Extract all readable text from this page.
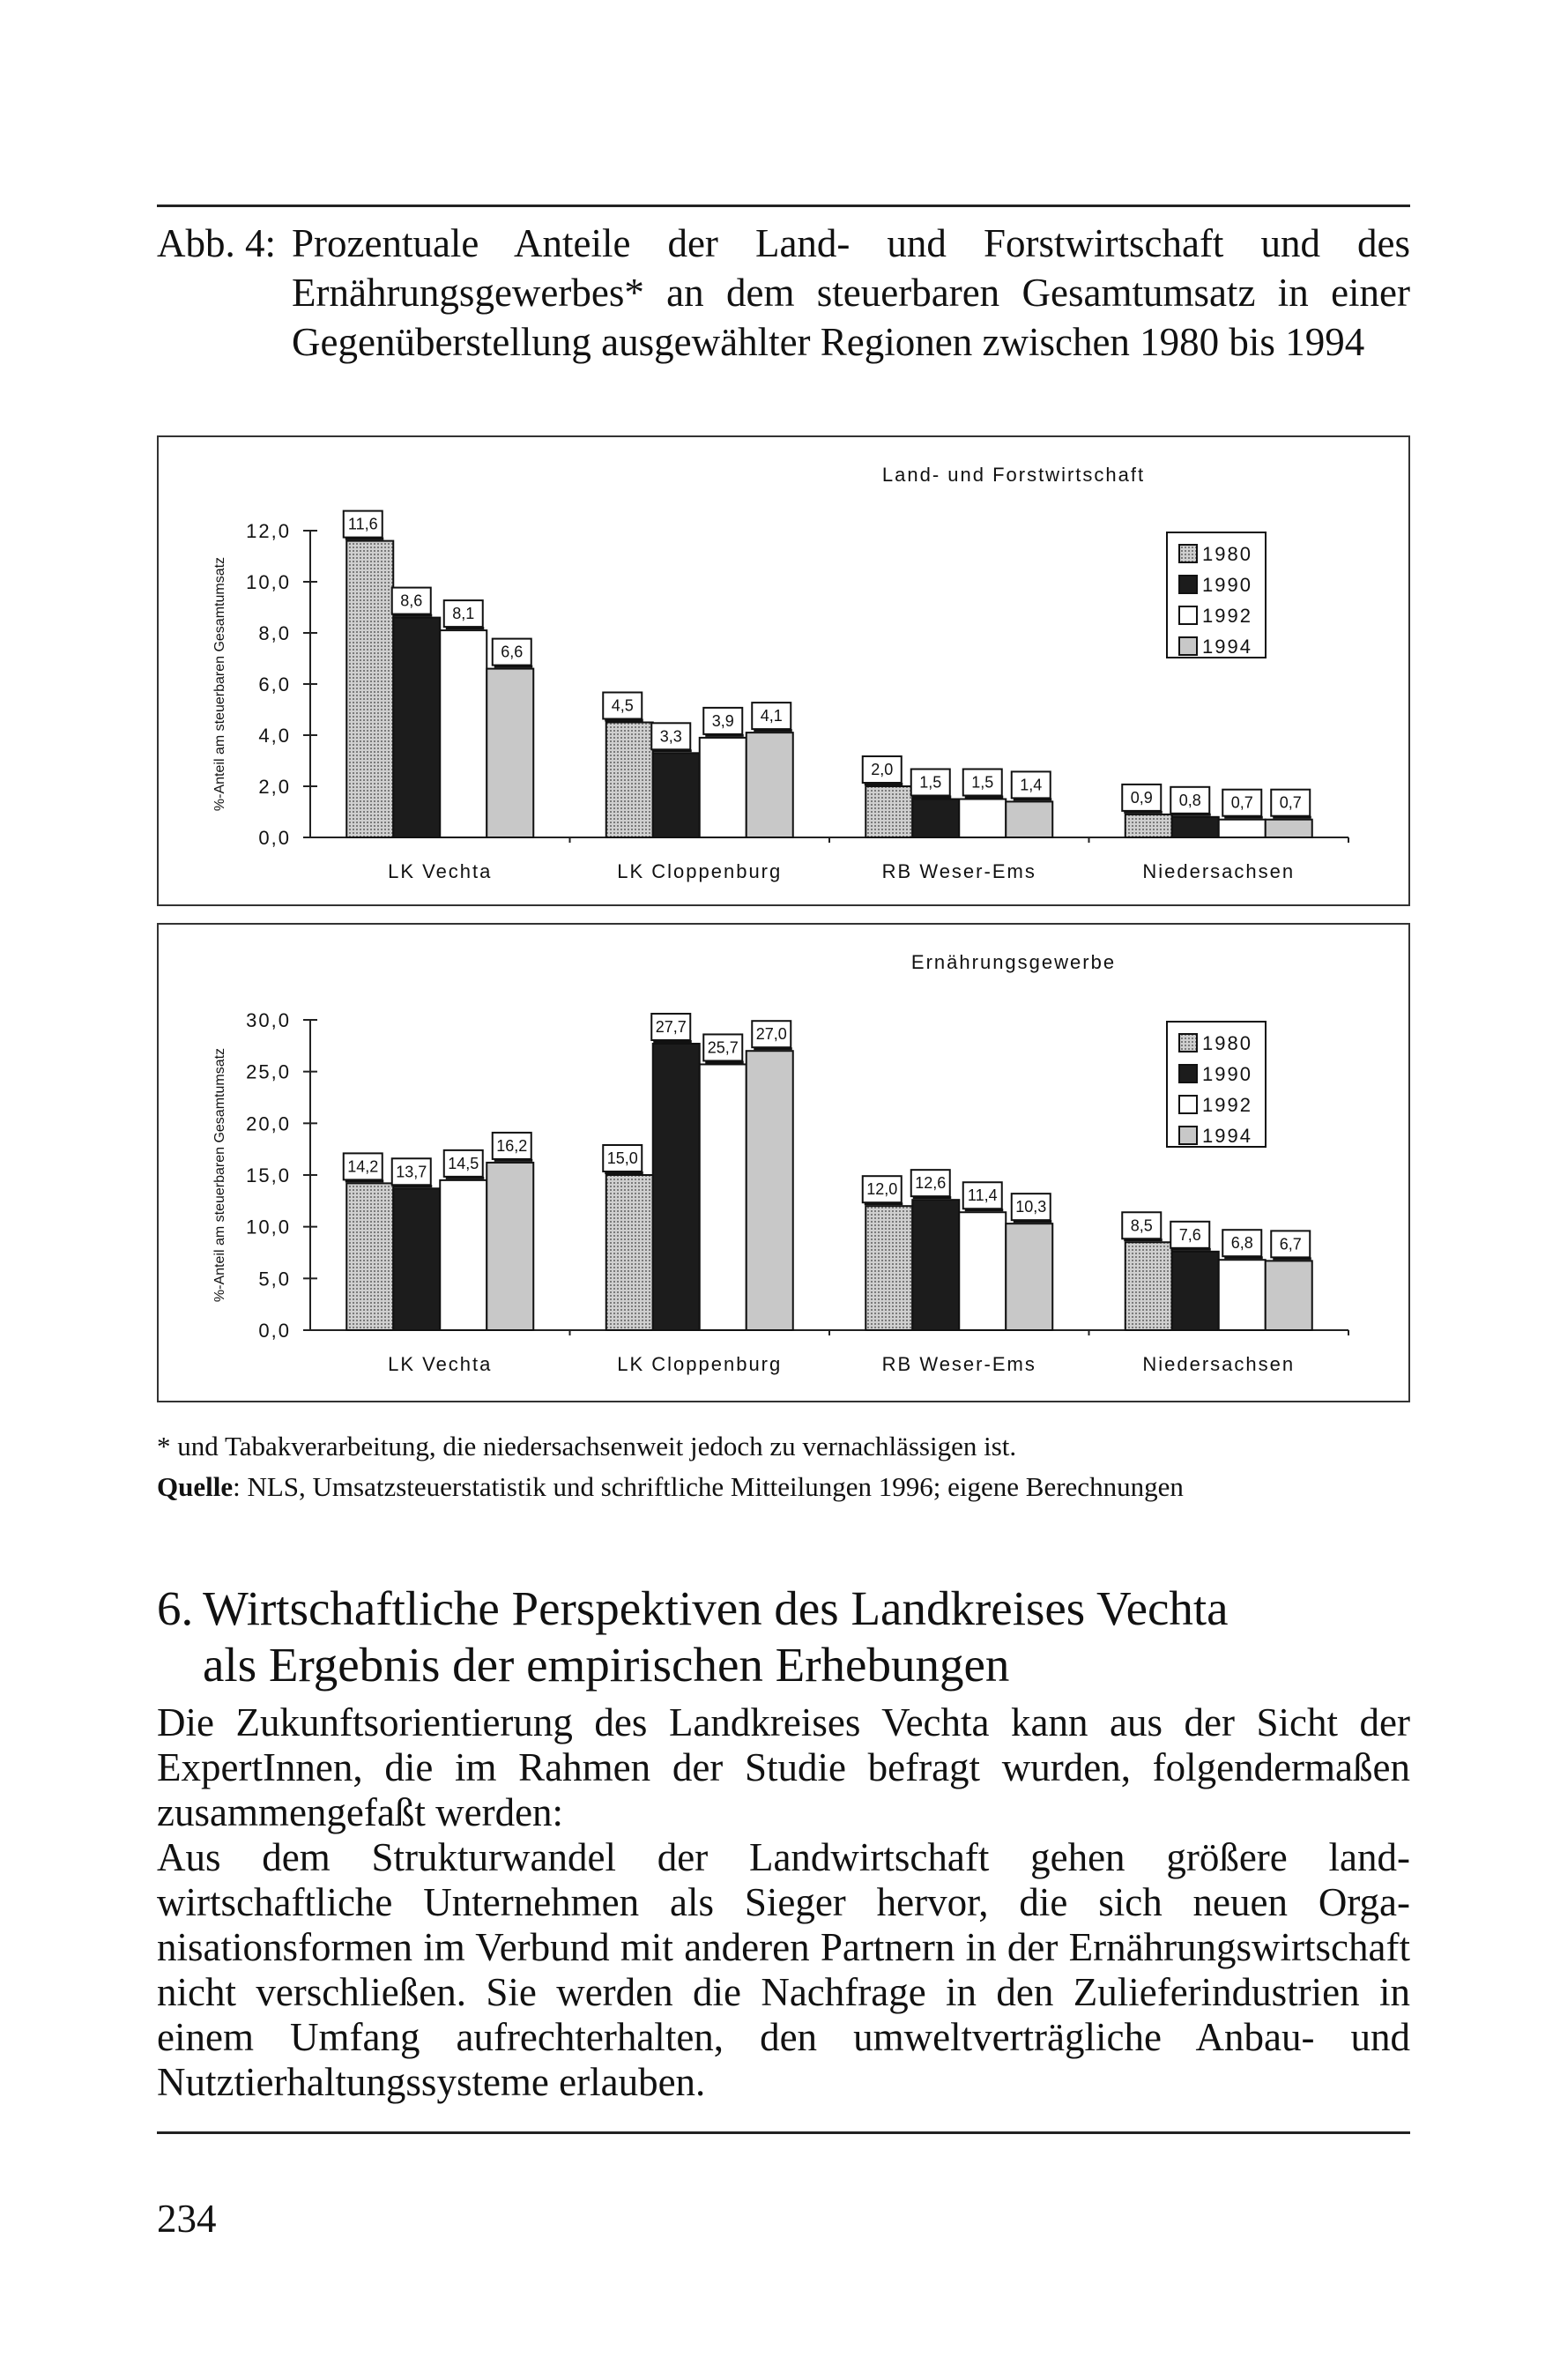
Abb. 4: Prozentuale Anteile der Land- und Forstwirtschaft und des Ernährungsgewerbes* an dem steuerbaren Gesamtumsatz in einer Gegenüberstellung ausgewählter Regionen zwischen 1980 bis 1994
Land- und Forstwirtschaft
%-Anteil am steuerbaren Gesamtumsatz
0,0
2,0
4,0
6,0
8,0
10,0
12,0	11,6
8,6
8,1
6,6
LK Vechta
4,5
3,3
3,9 4,1
LK Cloppenburg
2,0
1,5 1,5 1,4
RB Weser-Ems
0,9 0,8 0,7 0,7
Niedersachsen
1980
1990
1992
1994
Ernährungsgewerbe
%-Anteil am steuerbaren Gesamtumsatz
0,0
5,0
10,0
15,0
20,0
25,0
30,0
14,2 13,7 14,5
16,2
LK Vechta
15,0
27,7
25,7
27,0
LK Cloppenburg
12,0 12,6
11,4
10,3
RB Weser-Ems
8,5
7,6 6,8 6,7
Niedersachsen
1980
1990
1992
1994
* und Tabakverarbeitung, die niedersachsenweit jedoch zu vernachlässigen ist.
Quelle: NLS, Umsatzsteuerstatistik und schriftliche Mitteilungen 1996; eigene Berechnungen
6. Wirtschaftliche Perspektiven des Landkreises Vechta
als Ergebnis der empirischen Erhebungen

Die Zukunftsorientierung des Landkreises Vechta kann aus der Sicht der ExpertInnen, die im Rahmen der Studie befragt wurden, folgendermaßen zusammengefaßt werden:

Aus dem Strukturwandel der Landwirtschaft gehen größere landwirtschaftliche Unternehmen als Sieger hervor, die sich neuen Organisationsformen im Verbund mit anderen Partnern in der Ernährungswirtschaft nicht verschließen. Sie werden die Nachfrage in den Zulieferindustrien in einem Umfang aufrechterhalten, den umweltverträgliche Anbau- und Nutztierhaltungssysteme erlauben.

234
